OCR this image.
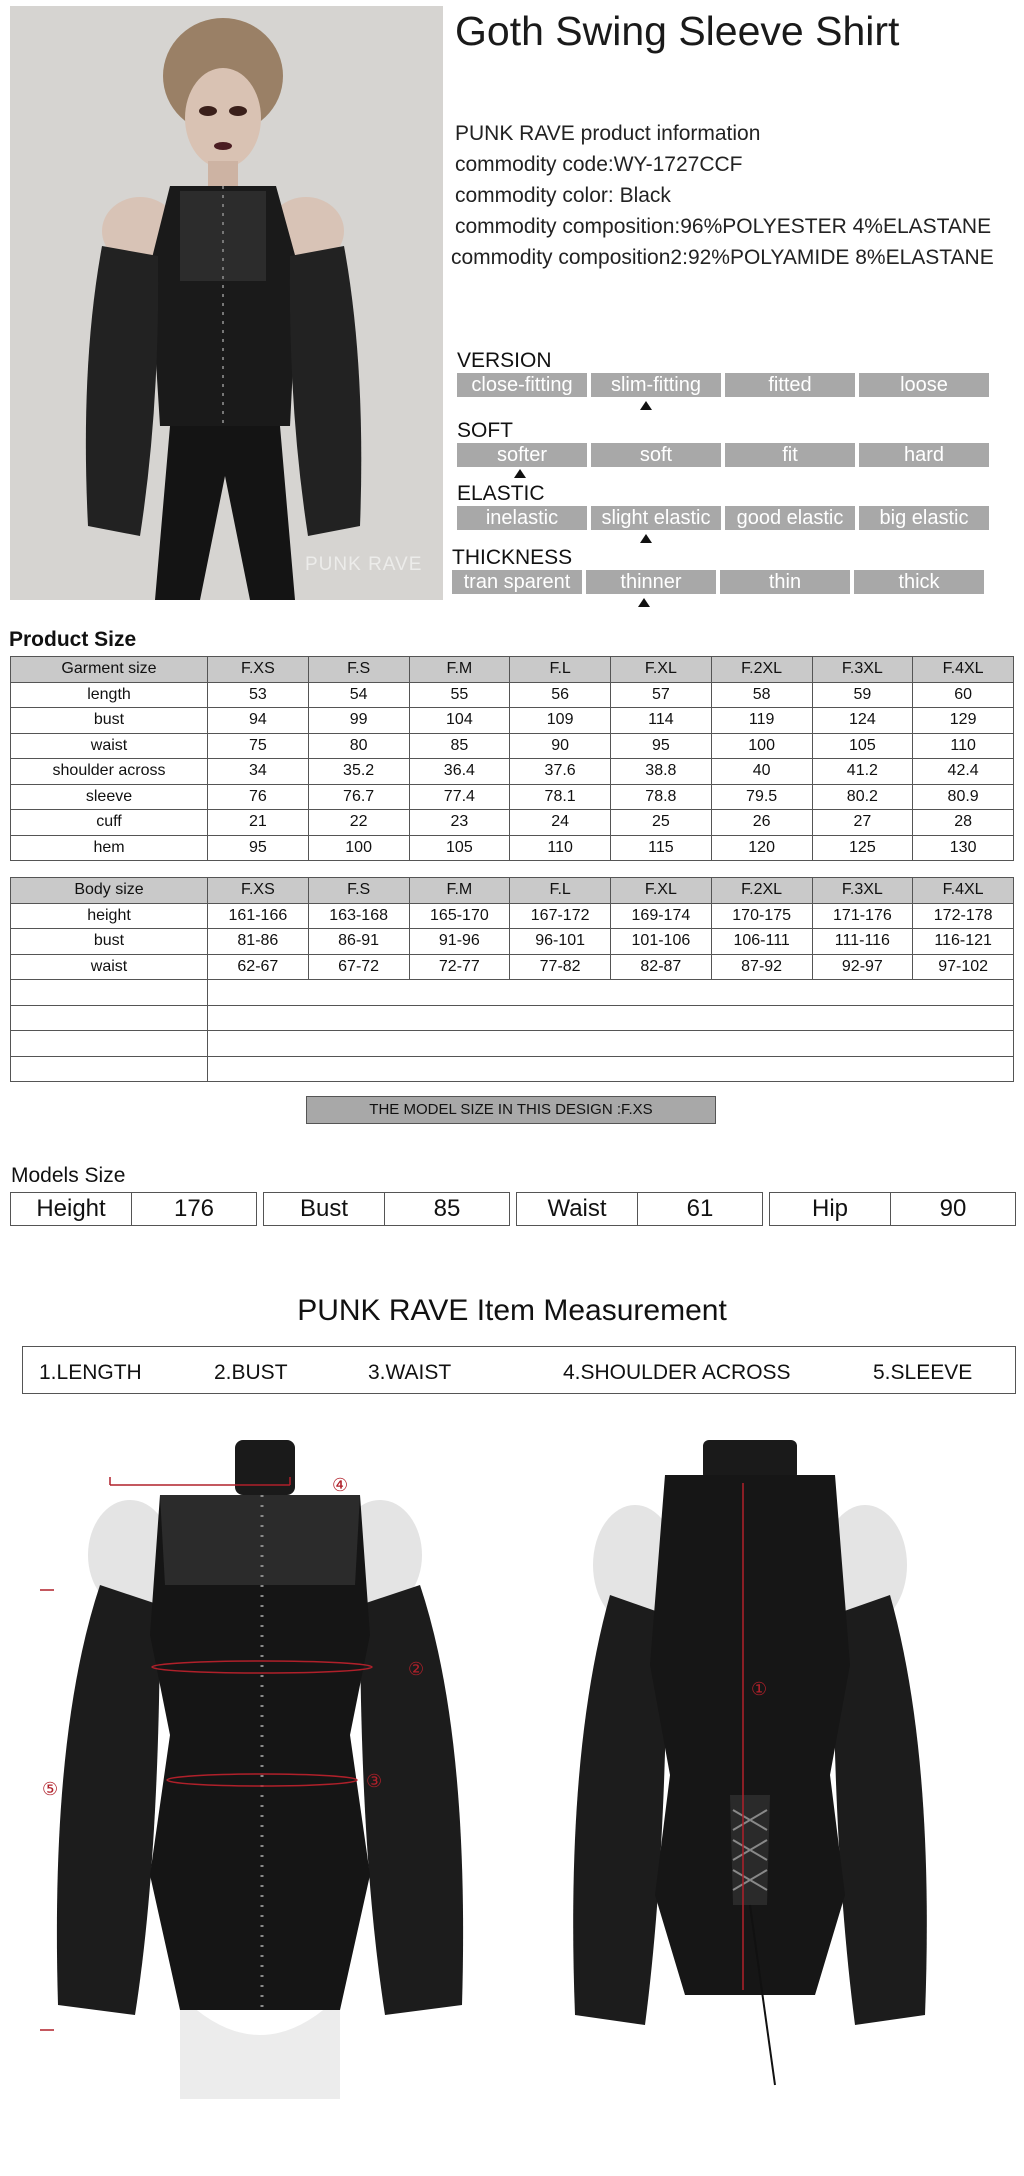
PUNK RAVE
Goth Swing Sleeve Shirt
PUNK RAVE product information
commodity code:WY-1727CCF
commodity color: Black
commodity composition:96%POLYESTER 4%ELASTANE
commodity composition2:92%POLYAMIDE 8%ELASTANE
VERSION
close-fitting	slim-fitting	fitted	loose
SOFT
softer	soft	fit	hard
ELASTIC
inelastic	slight elastic	good elastic	big elastic
THICKNESS
tran sparent	thinner	thin	thick
Product Size
Garment size	F.XS	F.S	F.M	F.L	F.XL	F.2XL	F.3XL	F.4XL
length	53	54	55	56	57	58	59	60
bust	94	99	104	109	114	119	124	129
waist	75	80	85	90	95	100	105	110
shoulder across	34	35.2	36.4	37.6	38.8	40	41.2	42.4
sleeve	76	76.7	77.4	78.1	78.8	79.5	80.2	80.9
cuff	21	22	23	24	25	26	27	28
hem	95	100	105	110	115	120	125	130
Body size	F.XS	F.S	F.M	F.L	F.XL	F.2XL	F.3XL	F.4XL
height	161-166	163-168	165-170	167-172	169-174	170-175	171-176	172-178
bust	81-86	86-91	91-96	96-101	101-106	106-111	111-116	116-121
waist	62-67	67-72	72-77	77-82	82-87	87-92	92-97	97-102

THE MODEL SIZE IN THIS DESIGN :F.XS
Models Size
Height	176	Bust	85	Waist	61	Hip	90
PUNK RAVE Item Measurement
1.LENGTH	2.BUST	3.WAIST	4.SHOULDER ACROSS	5.SLEEVE
④
②
③
⑤
①
